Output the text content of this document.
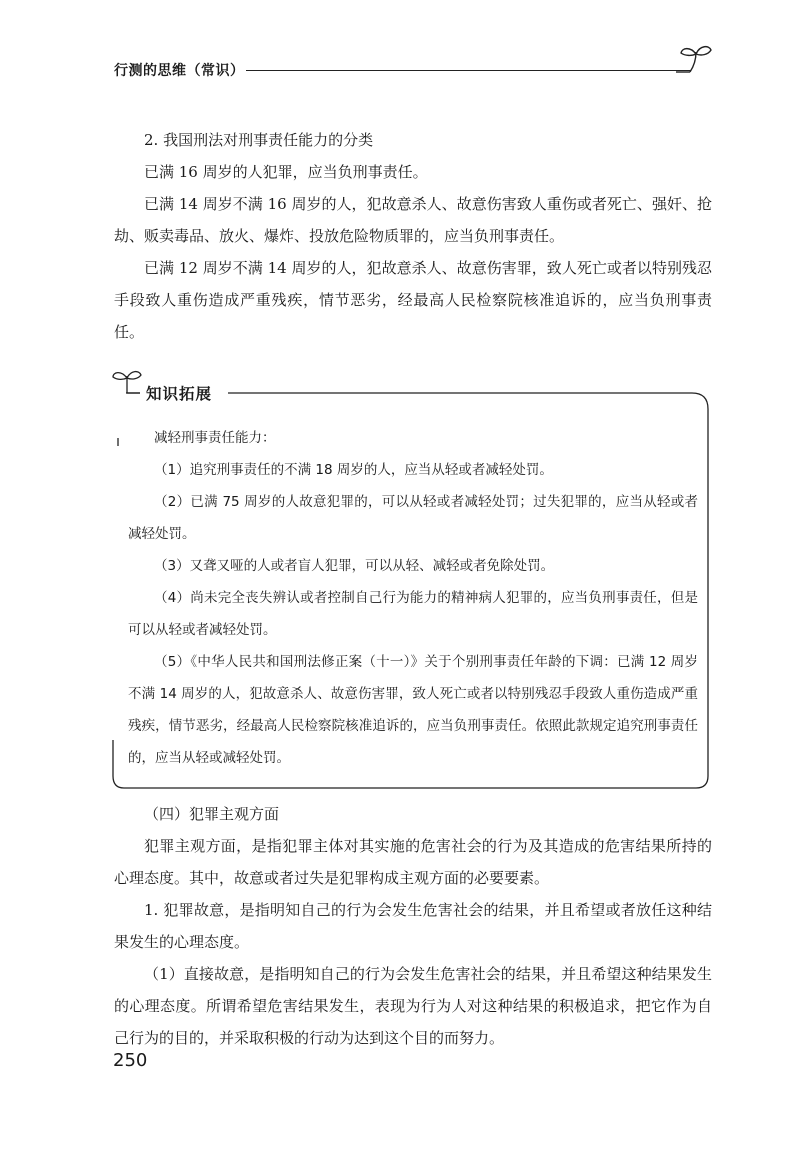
行测的思维（常识）

2. 我国刑法对刑事责任能力的分类

已满 16 周岁的人犯罪，应当负刑事责任。

已满 14 周岁不满 16 周岁的人，犯故意杀人、故意伤害致人重伤或者死亡、强奸、抢劫、贩卖毒品、放火、爆炸、投放危险物质罪的，应当负刑事责任。

已满 12 周岁不满 14 周岁的人，犯故意杀人、故意伤害罪，致人死亡或者以特别残忍手段致人重伤造成严重残疾，情节恶劣，经最高人民检察院核准追诉的，应当负刑事责任。

知识拓展

减轻刑事责任能力：

（1）追究刑事责任的不满 18 周岁的人，应当从轻或者减轻处罚。

（2）已满 75 周岁的人故意犯罪的，可以从轻或者减轻处罚；过失犯罪的，应当从轻或者减轻处罚。

（3）又聋又哑的人或者盲人犯罪，可以从轻、减轻或者免除处罚。

（4）尚未完全丧失辨认或者控制自己行为能力的精神病人犯罪的，应当负刑事责任，但是可以从轻或者减轻处罚。

（5）《中华人民共和国刑法修正案（十一）》关于个别刑事责任年龄的下调：已满 12 周岁不满 14 周岁的人，犯故意杀人、故意伤害罪，致人死亡或者以特别残忍手段致人重伤造成严重残疾，情节恶劣，经最高人民检察院核准追诉的，应当负刑事责任。依照此款规定追究刑事责任的，应当从轻或减轻处罚。

（四）犯罪主观方面

犯罪主观方面，是指犯罪主体对其实施的危害社会的行为及其造成的危害结果所持的心理态度。其中，故意或者过失是犯罪构成主观方面的必要要素。

1. 犯罪故意，是指明知自己的行为会发生危害社会的结果，并且希望或者放任这种结果发生的心理态度。

（1）直接故意，是指明知自己的行为会发生危害社会的结果，并且希望这种结果发生的心理态度。所谓希望危害结果发生，表现为行为人对这种结果的积极追求，把它作为自己行为的目的，并采取积极的行动为达到这个目的而努力。

250
